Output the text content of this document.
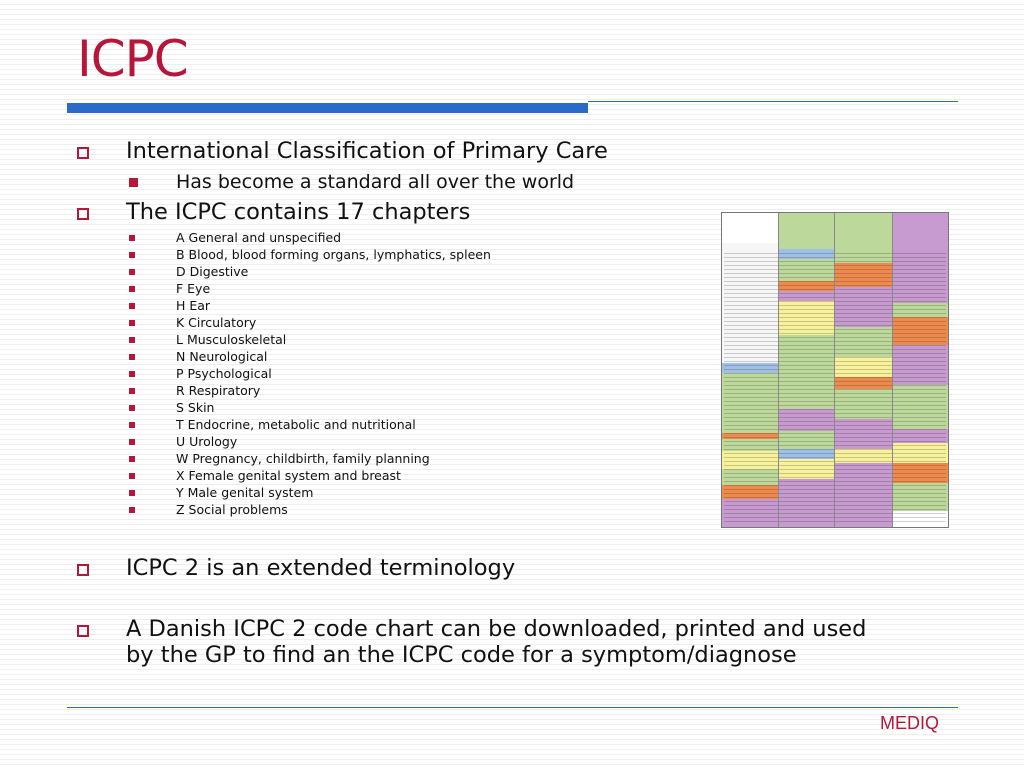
ICPC
International Classification of Primary Care
Has become a standard all over the world
The ICPC contains 17 chapters
A General and unspecified
B Blood, blood forming organs, lymphatics, spleen
D Digestive
F Eye
H Ear
K Circulatory
L Musculoskeletal
N Neurological
P Psychological
R Respiratory
S Skin
T Endocrine, metabolic and nutritional
U Urology
W Pregnancy, childbirth, family planning
X Female genital system and breast
Y Male genital system
Z Social problems
ICPC 2 is an extended terminology
A Danish ICPC 2 code chart can be downloaded, printed and used
by the GP to find an the ICPC code for a symptom/diagnose
MEDIQ
